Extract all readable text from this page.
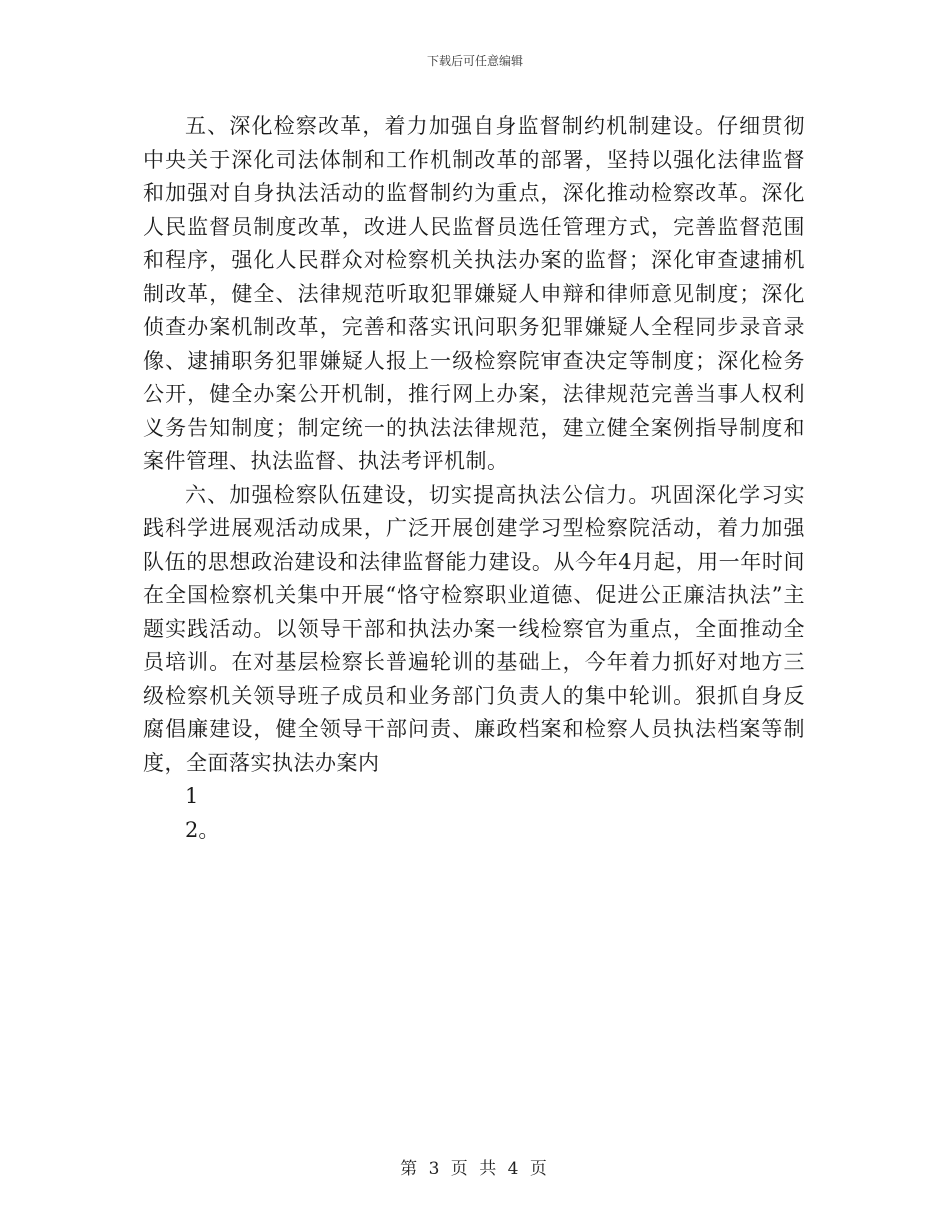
下载后可任意编辑

五、深化检察改革，着力加强自身监督制约机制建设。仔细贯彻中央关于深化司法体制和工作机制改革的部署，坚持以强化法律监督和加强对自身执法活动的监督制约为重点，深化推动检察改革。深化人民监督员制度改革，改进人民监督员选任管理方式，完善监督范围和程序，强化人民群众对检察机关执法办案的监督；深化审查逮捕机制改革，健全、法律规范听取犯罪嫌疑人申辩和律师意见制度；深化侦查办案机制改革，完善和落实讯问职务犯罪嫌疑人全程同步录音录像、逮捕职务犯罪嫌疑人报上一级检察院审查决定等制度；深化检务公开，健全办案公开机制，推行网上办案，法律规范完善当事人权利义务告知制度；制定统一的执法法律规范，建立健全案例指导制度和案件管理、执法监督、执法考评机制。

六、加强检察队伍建设，切实提高执法公信力。巩固深化学习实践科学进展观活动成果，广泛开展创建学习型检察院活动，着力加强队伍的思想政治建设和法律监督能力建设。从今年4月起，用一年时间在全国检察机关集中开展“恪守检察职业道德、促进公正廉洁执法”主题实践活动。以领导干部和执法办案一线检察官为重点，全面推动全员培训。在对基层检察长普遍轮训的基础上，今年着力抓好对地方三级检察机关领导班子成员和业务部门负责人的集中轮训。狠抓自身反腐倡廉建设，健全领导干部问责、廉政档案和检察人员执法档案等制度，全面落实执法办案内

1

2。

第 3 页 共 4 页
